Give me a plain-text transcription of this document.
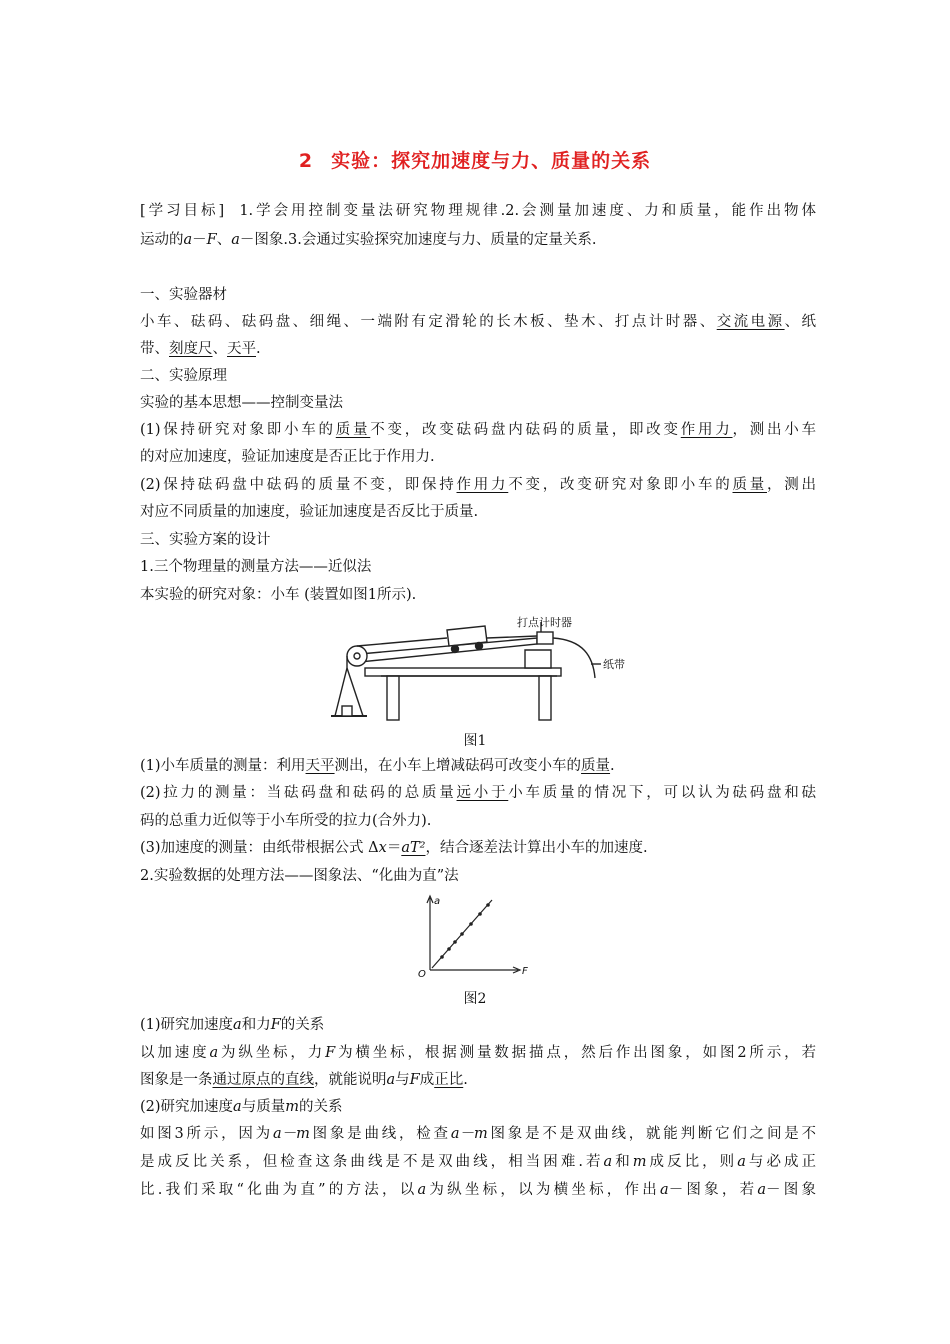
2 实验：探究加速度与力、质量的关系
[学习目标] 1.学会用控制变量法研究物理规律.2.会测量加速度、力和质量，能作出物体
运动的a－F、a－图象.3.会通过实验探究加速度与力、质量的定量关系.
一、实验器材
小车、砝码、砝码盘、细绳、一端附有定滑轮的长木板、垫木、打点计时器、交流电源、纸
带、刻度尺、天平.
二、实验原理
实验的基本思想——控制变量法
(1)保持研究对象即小车的质量不变，改变砝码盘内砝码的质量，即改变作用力，测出小车
的对应加速度，验证加速度是否正比于作用力.
(2)保持砝码盘中砝码的质量不变，即保持作用力不变，改变研究对象即小车的质量，测出
对应不同质量的加速度，验证加速度是否反比于质量.
三、实验方案的设计
1.三个物理量的测量方法——近似法
本实验的研究对象：小车 (装置如图1所示).
打点计时器
纸带
图1
(1)小车质量的测量：利用天平测出，在小车上增减砝码可改变小车的质量.
(2)拉力的测量：当砝码盘和砝码的总质量远小于小车质量的情况下，可以认为砝码盘和砝
码的总重力近似等于小车所受的拉力(合外力).
(3)加速度的测量：由纸带根据公式 Δx＝aT²，结合逐差法计算出小车的加速度.
2.实验数据的处理方法——图象法、“化曲为直”法
a
F
O
图2
(1)研究加速度a和力F的关系
以加速度a为纵坐标，力F为横坐标，根据测量数据描点，然后作出图象，如图2所示，若
图象是一条通过原点的直线，就能说明a与F成正比.
(2)研究加速度a与质量m的关系
如图3所示，因为a－m图象是曲线，检查a－m图象是不是双曲线，就能判断它们之间是不
是成反比关系，但检查这条曲线是不是双曲线，相当困难.若a和m成反比，则a与必成正
比.我们采取“化曲为直”的方法，以a为纵坐标，以为横坐标，作出a－图象，若a－图象
